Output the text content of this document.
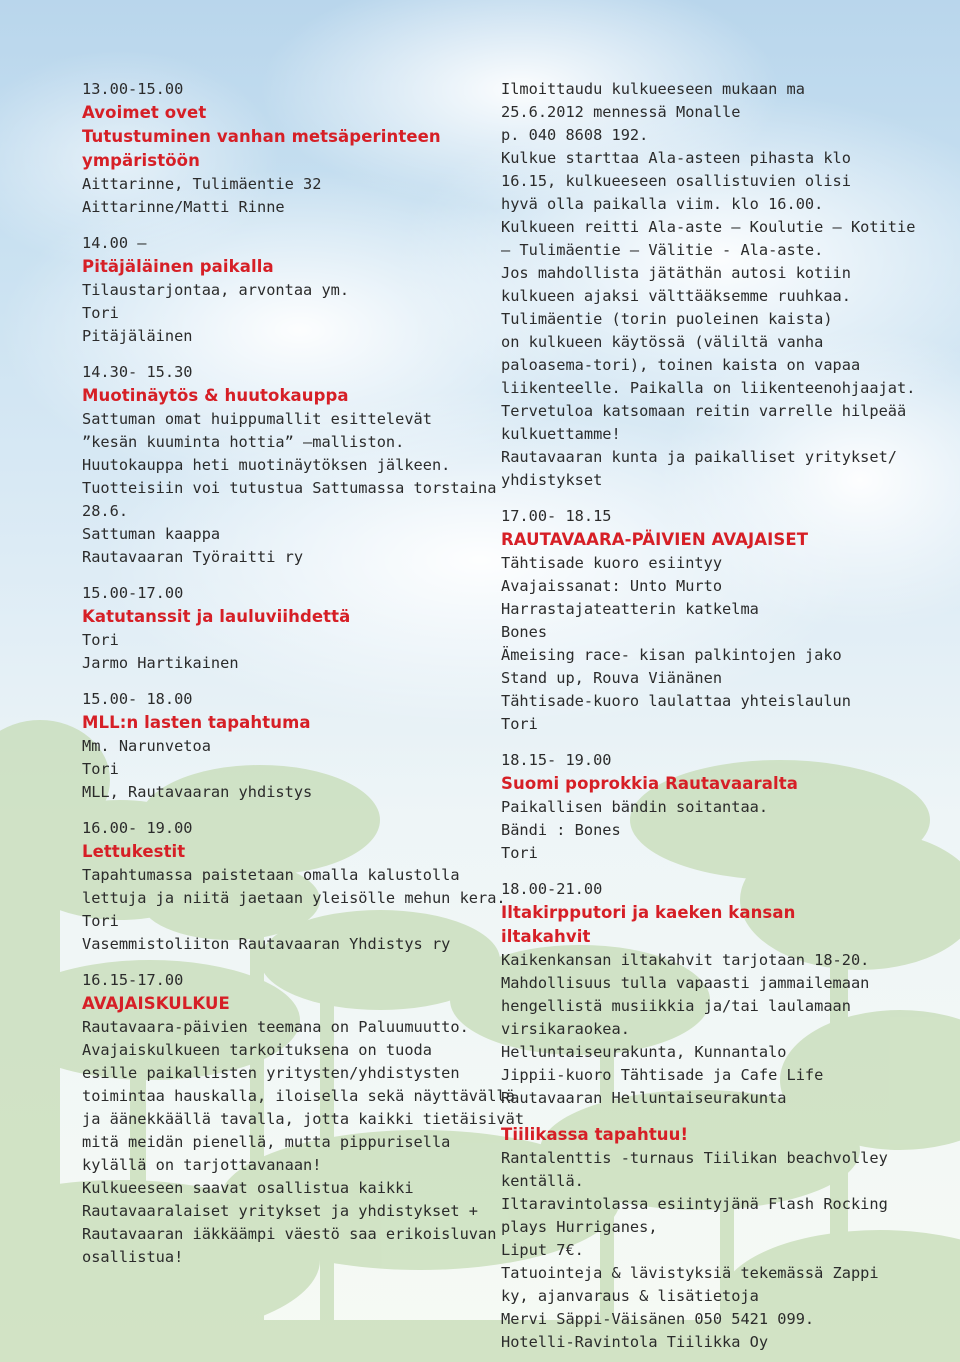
13.00-15.00
Avoimet ovet
Tutustuminen vanhan metsäperinteen
ympäristöön
Aittarinne, Tulimäentie 32
Aittarinne/Matti Rinne
14.00 –
Pitäjäläinen paikalla
Tilaustarjontaa, arvontaa ym.
Tori
Pitäjäläinen
14.30- 15.30
Muotinäytös & huutokauppa
Sattuman omat huippumallit esittelevät
”kesän kuuminta hottia” –malliston.
Huutokauppa heti muotinäytöksen jälkeen.
Tuotteisiin voi tutustua Sattumassa torstaina
28.6.
Sattuman kaappa
Rautavaaran Työraitti ry
15.00-17.00
Katutanssit ja lauluviihdettä
Tori
Jarmo Hartikainen
15.00- 18.00
MLL:n lasten tapahtuma
Mm. Narunvetoa
Tori
MLL, Rautavaaran yhdistys
16.00- 19.00
Lettukestit
Tapahtumassa paistetaan omalla kalustolla
lettuja ja niitä jaetaan yleisölle mehun kera.
Tori
Vasemmistoliiton Rautavaaran Yhdistys ry
16.15-17.00
AVAJAISKULKUE
Rautavaara-päivien teemana on Paluumuutto.
Avajaiskulkueen tarkoituksena on tuoda
esille paikallisten yritysten/yhdistysten
toimintaa hauskalla, iloisella sekä näyttävällä
ja äänekkäällä tavalla, jotta kaikki tietäisivät
mitä meidän pienellä, mutta pippurisella
kylällä on tarjottavanaan!
Kulkueeseen saavat osallistua kaikki
Rautavaaralaiset yritykset ja yhdistykset +
Rautavaaran iäkkäämpi väestö saa erikoisluvan
osallistua!
Ilmoittaudu kulkueeseen mukaan ma
25.6.2012 mennessä Monalle
p. 040 8608 192.
Kulkue starttaa Ala-asteen pihasta klo
16.15, kulkueeseen osallistuvien olisi
hyvä olla paikalla viim. klo 16.00.
Kulkueen reitti Ala-aste – Koulutie – Kotitie
– Tulimäentie – Välitie - Ala-aste.
Jos mahdollista jätäthän autosi kotiin
kulkueen ajaksi välttääksemme ruuhkaa.
Tulimäentie (torin puoleinen kaista)
on kulkueen käytössä (väliltä vanha
paloasema-tori), toinen kaista on vapaa
liikenteelle. Paikalla on liikenteenohjaajat.
Tervetuloa katsomaan reitin varrelle hilpeää
kulkuettamme!
Rautavaaran kunta ja paikalliset yritykset/
yhdistykset
17.00- 18.15
RAUTAVAARA-PÄIVIEN AVAJAISET
Tähtisade kuoro esiintyy
Avajaissanat: Unto Murto
Harrastajateatterin katkelma
Bones
Ämeising race- kisan palkintojen jako
Stand up, Rouva Viänänen
Tähtisade-kuoro laulattaa yhteislaulun
Tori
18.15- 19.00
Suomi poprokkia Rautavaaralta
Paikallisen bändin soitantaa.
Bändi : Bones
Tori
18.00-21.00
Iltakirpputori ja kaeken kansan
iltakahvit
Kaikenkansan iltakahvit tarjotaan 18-20.
Mahdollisuus tulla vapaasti jammailemaan
hengellistä musiikkia ja/tai laulamaan
virsikaraokea.
Helluntaiseurakunta, Kunnantalo
Jippii-kuoro Tähtisade ja Cafe Life
Rautavaaran Helluntaiseurakunta
Tiilikassa tapahtuu!
Rantalenttis -turnaus Tiilikan beachvolley
kentällä.
Iltaravintolassa esiintyjänä Flash Rocking
plays Hurriganes,
Liput 7€.
Tatuointeja & lävistyksiä tekemässä Zappi
ky, ajanvaraus & lisätietoja
Mervi Säppi-Väisänen 050 5421 099.
Hotelli-Ravintola Tiilikka Oy
